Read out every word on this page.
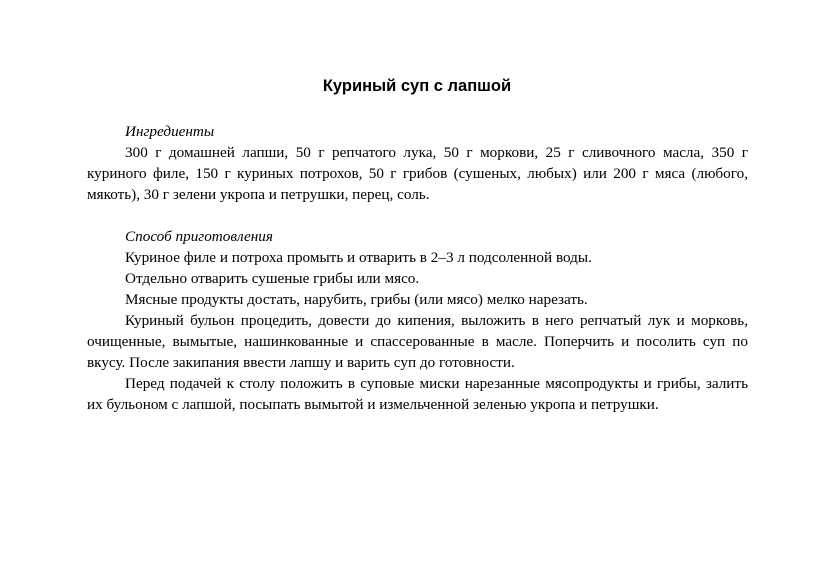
Куриный суп с лапшой

Ингредиенты

300 г домашней лапши, 50 г репчатого лука, 50 г моркови, 25 г сливочного масла, 350 г куриного филе, 150 г куриных потрохов, 50 г грибов (сушеных, любых) или 200 г мяса (любого, мякоть), 30 г зелени укропа и петрушки, перец, соль.

Способ приготовления

Куриное филе и потроха промыть и отварить в 2–3 л подсоленной воды.

Отдельно отварить сушеные грибы или мясо.

Мясные продукты достать, нарубить, грибы (или мясо) мелко нарезать.

Куриный бульон процедить, довести до кипения, выложить в него репчатый лук и морковь, очищенные, вымытые, нашинкованные и спассерованные в масле. Поперчить и посолить суп по вкусу. После закипания ввести лапшу и варить суп до готовности.

Перед подачей к столу положить в суповые миски нарезанные мясопродукты и грибы, залить их бульоном с лапшой, посыпать вымытой и измельченной зеленью укропа и петрушки.
